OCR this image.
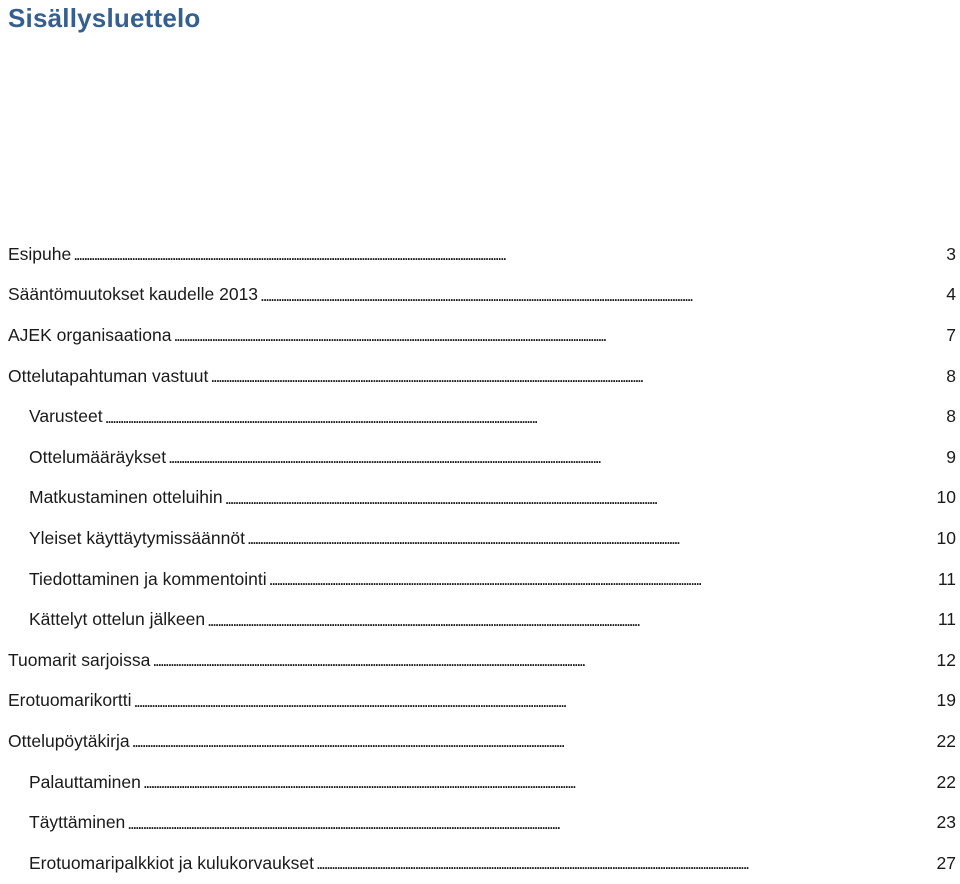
Sisällysluettelo
Esipuhe . . .	3
Sääntömuutokset kaudelle 2013 . . .	4
AJEK organisaationa . . .	7
Ottelutapahtuman vastuut . . .	8
Varusteet . . .	8
Ottelumääräykset . . .	9
Matkustaminen otteluihin . . .	10
Yleiset käyttäytymissäännöt . . .	10
Tiedottaminen ja kommentointi . . .	11
Kättelyt ottelun jälkeen . . .	11
Tuomarit sarjoissa . . .	12
Erotuomarikortti . . .	19
Ottelupöytäkirja . . .	22
Palauttaminen . . .	22
Täyttäminen . . .	23
Erotuomaripalkkiot ja kulukorvaukset . . .	27
